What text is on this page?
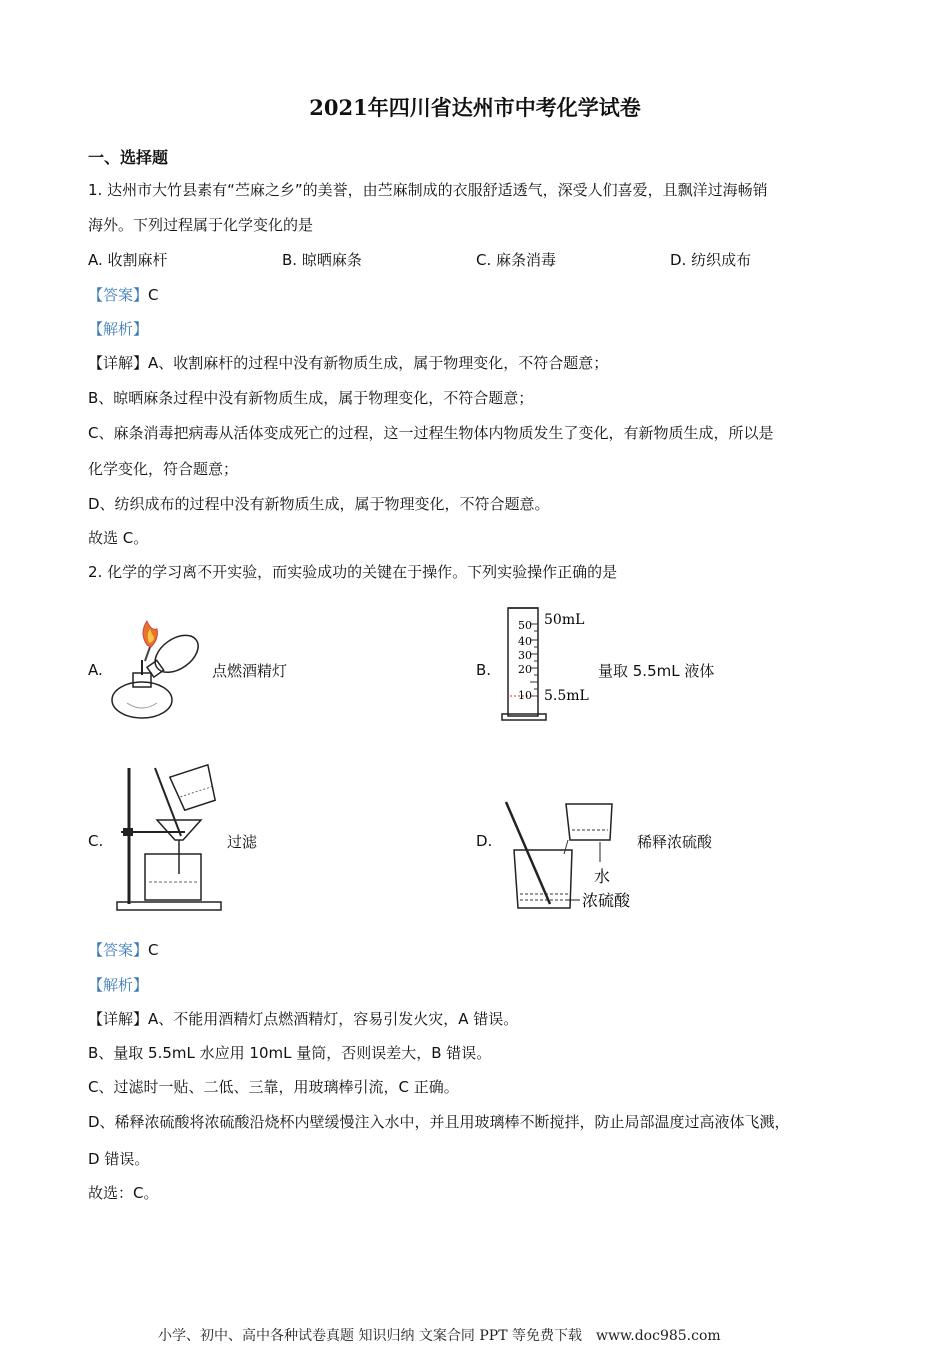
2021年四川省达州市中考化学试卷
一、选择题
1. 达州市大竹县素有“苎麻之乡”的美誉，由苎麻制成的衣服舒适透气，深受人们喜爱，且飘洋过海畅销
海外。下列过程属于化学变化的是
A. 收割麻杆	B. 晾晒麻条	C. 麻条消毒	D. 纺织成布
【答案】C
【解析】
【详解】A、收割麻杆的过程中没有新物质生成，属于物理变化，不符合题意；
B、晾晒麻条过程中没有新物质生成，属于物理变化，不符合题意；
C、麻条消毒把病毒从活体变成死亡的过程，这一过程生物体内物质发生了变化，有新物质生成，所以是
化学变化，符合题意；
D、纺织成布的过程中没有新物质生成，属于物理变化，不符合题意。
故选 C。
2. 化学的学习离不开实验，而实验成功的关键在于操作。下列实验操作正确的是
A.	点燃酒精灯	B.
50
40
30
20
10
50mL
5.5mL
量取 5.5mL 液体
C.	过滤	D.
水
浓硫酸
稀释浓硫酸
【答案】C
【解析】
【详解】A、不能用酒精灯点燃酒精灯，容易引发火灾，A 错误。
B、量取 5.5mL 水应用 10mL 量筒，否则误差大，B 错误。
C、过滤时一贴、二低、三靠，用玻璃棒引流，C 正确。
D、稀释浓硫酸将浓硫酸沿烧杯内壁缓慢注入水中，并且用玻璃棒不断搅拌，防止局部温度过高液体飞溅，
D 错误。
故选：C。
小学、初中、高中各种试卷真题 知识归纳 文案合同 PPT 等免费下载　www.doc985.com
